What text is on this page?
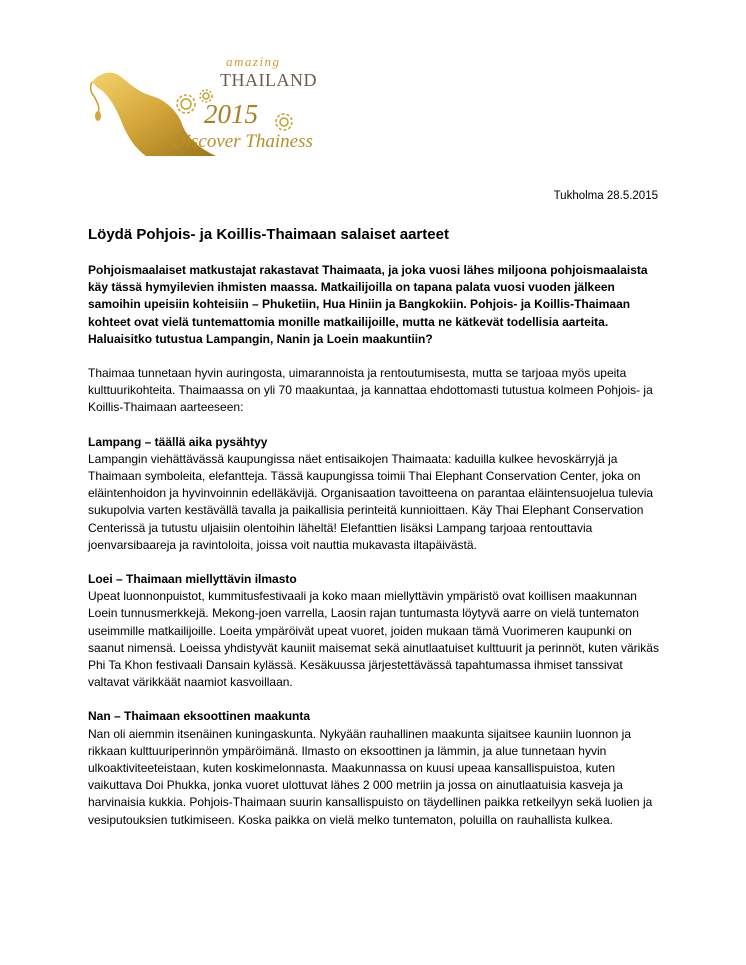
amazing
THAILAND
2015
Discover Thainess
Tukholma 28.5.2015
Löydä Pohjois- ja Koillis-Thaimaan salaiset aarteet

Pohjoismaalaiset matkustajat rakastavat Thaimaata, ja joka vuosi lähes miljoona pohjoismaalaista käy tässä hymyilevien ihmisten maassa. Matkailijoilla on tapana palata vuosi vuoden jälkeen samoihin upeisiin kohteisiin – Phuketiin, Hua Hiniin ja Bangkokiin. Pohjois- ja Koillis-Thaimaan kohteet ovat vielä tuntemattomia monille matkailijoille, mutta ne kätkevät todellisia aarteita. Haluaisitko tutustua Lampangin, Nanin ja Loein maakuntiin?

Thaimaa tunnetaan hyvin auringosta, uimarannoista ja rentoutumisesta, mutta se tarjoaa myös upeita kulttuurikohteita. Thaimaassa on yli 70 maakuntaa, ja kannattaa ehdottomasti tutustua kolmeen Pohjois- ja Koillis-Thaimaan aarteeseen:

Lampang – täällä aika pysähtyy
Lampangin viehättävässä kaupungissa näet entisaikojen Thaimaata: kaduilla kulkee hevoskärryjä ja Thaimaan symboleita, elefantteja. Tässä kaupungissa toimii Thai Elephant Conservation Center, joka on eläintenhoidon ja hyvinvoinnin edelläkävijä. Organisaation tavoitteena on parantaa eläintensuojelua tulevia sukupolvia varten kestävällä tavalla ja paikallisia perinteitä kunnioittaen. Käy Thai Elephant Conservation Centerissä ja tutustu uljaisiin olentoihin läheltä! Elefanttien lisäksi Lampang tarjoaa rentouttavia joenvarsibaareja ja ravintoloita, joissa voit nauttia mukavasta iltapäivästä.

Loei – Thaimaan miellyttävin ilmasto
Upeat luonnonpuistot, kummitusfestivaali ja koko maan miellyttävin ympäristö ovat koillisen maakunnan Loein tunnusmerkkejä. Mekong-joen varrella, Laosin rajan tuntumasta löytyvä aarre on vielä tuntematon useimmille matkailijoille. Loeita ympäröivät upeat vuoret, joiden mukaan tämä Vuorimeren kaupunki on saanut nimensä. Loeissa yhdistyvät kauniit maisemat sekä ainutlaatuiset kulttuurit ja perinnöt, kuten värikäs Phi Ta Khon festivaali Dansain kylässä. Kesäkuussa järjestettävässä tapahtumassa ihmiset tanssivat valtavat värikkäät naamiot kasvoillaan.

Nan – Thaimaan eksoottinen maakunta
Nan oli aiemmin itsenäinen kuningaskunta. Nykyään rauhallinen maakunta sijaitsee kauniin luonnon ja rikkaan kulttuuriperinnön ympäröimänä. Ilmasto on eksoottinen ja lämmin, ja alue tunnetaan hyvin ulkoaktiviteeteistaan, kuten koskimelonnasta. Maakunnassa on kuusi upeaa kansallispuistoa, kuten vaikuttava Doi Phukka, jonka vuoret ulottuvat lähes 2 000 metriin ja jossa on ainutlaatuisia kasveja ja harvinaisia kukkia. Pohjois-Thaimaan suurin kansallispuisto on täydellinen paikka retkeilyyn sekä luolien ja vesiputouksien tutkimiseen. Koska paikka on vielä melko tuntematon, poluilla on rauhallista kulkea.
